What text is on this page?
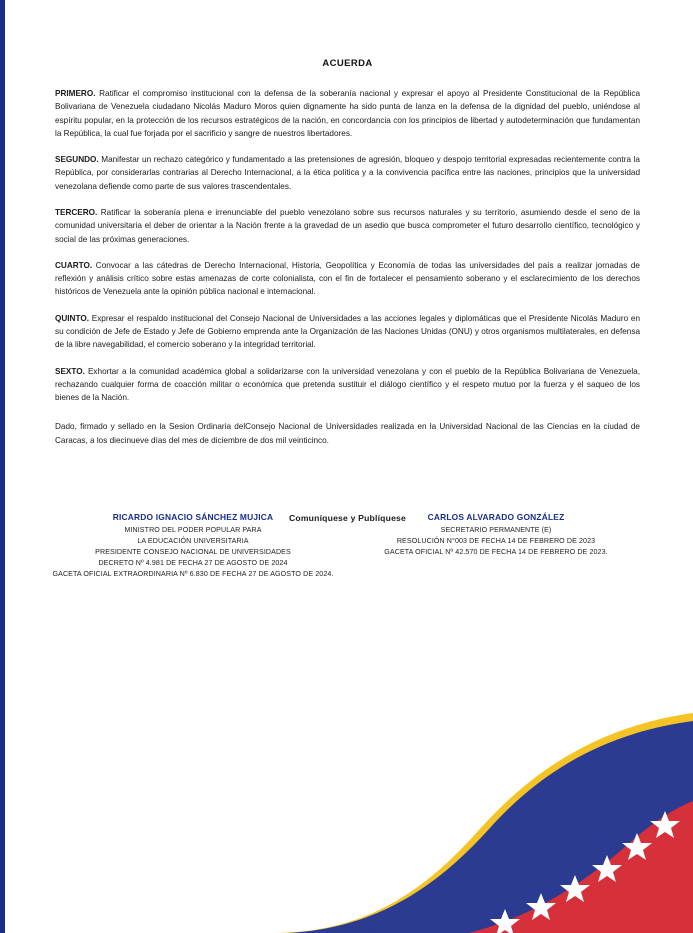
ACUERDA

PRIMERO. Ratificar el compromiso institucional con la defensa de la soberanía nacional y expresar el apoyo al Presidente Constitucional de la República Bolivariana de Venezuela ciudadano Nicolás Maduro Moros quien dignamente ha sido punta de lanza en la defensa de la dignidad del pueblo, uniéndose al espíritu popular, en la protección de los recursos estratégicos de la nación, en concordancia con los principios de libertad y autodeterminación que fundamentan la República, la cual fue forjada por el sacrificio y sangre de nuestros libertadores.

SEGUNDO. Manifestar un rechazo categórico y fundamentado a las pretensiones de agresión, bloqueo y despojo territorial expresadas recientemente contra la República, por considerarlas contrarias al Derecho Internacional, a la ética política y a la convivencia pacífica entre las naciones, principios que la universidad venezolana defiende como parte de sus valores trascendentales.

TERCERO. Ratificar la soberanía plena e irrenunciable del pueblo venezolano sobre sus recursos naturales y su territorio, asumiendo desde el seno de la comunidad universitaria el deber de orientar a la Nación frente a la gravedad de un asedio que busca comprometer el futuro desarrollo científico, tecnológico y social de las próximas generaciones.

CUARTO. Convocar a las cátedras de Derecho Internacional, Historia, Geopolítica y Economía de todas las universidades del país a realizar jornadas de reflexión y análisis crítico sobre estas amenazas de corte colonialista, con el fin de fortalecer el pensamiento soberano y el esclarecimiento de los derechos históricos de Venezuela ante la opinión pública nacional e internacional.

QUINTO. Expresar el respaldo institucional del Consejo Nacional de Universidades a las acciones legales y diplomáticas que el Presidente Nicolás Maduro en su condición de Jefe de Estado y Jefe de Gobierno emprenda ante la Organización de las Naciones Unidas (ONU) y otros organismos multilaterales, en defensa de la libre navegabilidad, el comercio soberano y la integridad territorial.

SEXTO. Exhortar a la comunidad académica global a solidarizarse con la universidad venezolana y con el pueblo de la República Bolivariana de Venezuela, rechazando cualquier forma de coacción militar o económica que pretenda sustituir el diálogo científico y el respeto mutuo por la fuerza y el saqueo de los bienes de la Nación.

Dado, firmado y sellado en la Sesion Ordinaria delConsejo Nacional de Universidades realizada en la Universidad Nacional de las Ciencias en la ciudad de Caracas, a los diecinueve días del mes de diciembre de dos mil veinticinco.

Comuníquese y Publíquese
RICARDO IGNACIO SÁNCHEZ MUJICA
MINISTRO DEL PODER POPULAR PARA
LA EDUCACIÓN UNIVERSITARIA
PRESIDENTE CONSEJO NACIONAL DE UNIVERSIDADES
DECRETO Nº 4.981 DE FECHA 27 DE AGOSTO DE 2024
GACETA OFICIAL EXTRAORDINARIA Nº 6.830 DE FECHA 27 DE AGOSTO DE 2024.
CARLOS ALVARADO GONZÁLEZ
SECRETARIO PERMANENTE (E)
RESOLUCIÓN N°003 DE FECHA 14 DE FEBRERO DE 2023
GACETA OFICIAL Nº 42.570 DE FECHA 14 DE FEBRERO DE 2023.
